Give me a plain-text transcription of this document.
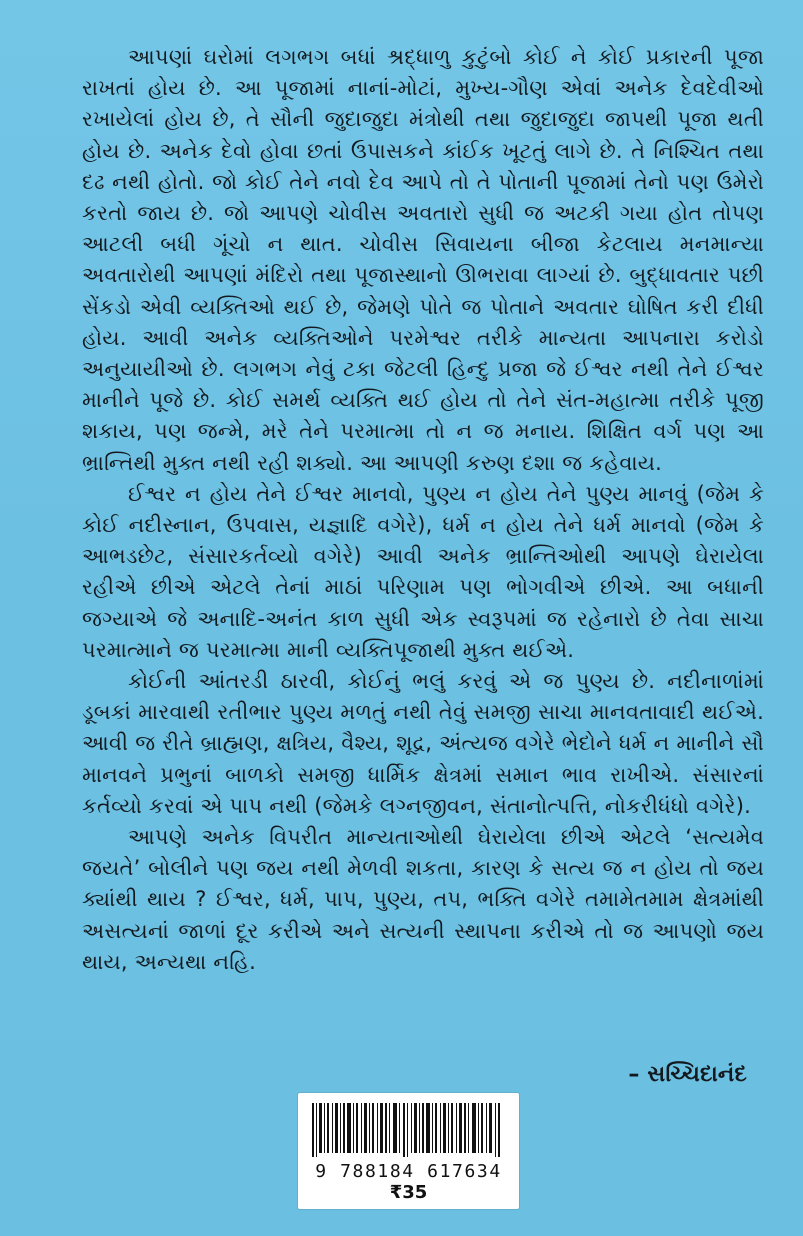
આપણાં ઘરોમાં લગભગ બધાં શ્રદ્ધાળુ કુટુંબો કોઈ ને કોઈ પ્રકારની પૂજા રાખતાં હોય છે. આ પૂજામાં નાનાં-મોટાં, મુખ્ય-ગૌણ એવાં અનેક દેવદેવીઓ રખાયેલાં હોય છે, તે સૌની જુદાજુદા મંત્રોથી તથા જુદાજુદા જાપથી પૂજા થતી હોય છે. અનેક દેવો હોવા છતાં ઉપાસકને કાંઈક ખૂટતું લાગે છે. તે નિશ્ચિત તથા દઢ નથી હોતો. જો કોઈ તેને નવો દેવ આપે તો તે પોતાની પૂજામાં તેનો પણ ઉમેરો કરતો જાય છે. જો આપણે ચોવીસ અવતારો સુધી જ અટકી ગયા હોત તોપણ આટલી બધી ગૂંચો ન થાત. ચોવીસ સિવાયના બીજા કેટલાય મનમાન્યા અવતારોથી આપણાં મંદિરો તથા પૂજાસ્થાનો ઊભરાવા લાગ્યાં છે. બુદ્ધાવતાર પછી સેંકડો એવી વ્યક્તિઓ થઈ છે, જેમણે પોતે જ પોતાને અવતાર ઘોષિત કરી દીધી હોય. આવી અનેક વ્યક્તિઓને પરમેશ્વર તરીકે માન્યતા આપનારા કરોડો અનુયાયીઓ છે. લગભગ નેવું ટકા જેટલી હિન્દુ પ્રજા જે ઈશ્વર નથી તેને ઈશ્વર માનીને પૂજે છે. કોઈ સમર્થ વ્યક્તિ થઈ હોય તો તેને સંત-મહાત્મા તરીકે પૂજી શકાય, પણ જન્મે, મરે તેને પરમાત્મા તો ન જ મનાય. શિક્ષિત વર્ગ પણ આ ભ્રાન્તિથી મુક્ત નથી રહી શક્યો. આ આપણી કરુણ દશા જ કહેવાય.

ઈશ્વર ન હોય તેને ઈશ્વર માનવો, પુણ્ય ન હોય તેને પુણ્ય માનવું (જેમ કે કોઈ નદીસ્નાન, ઉપવાસ, યજ્ઞાદિ વગેરે), ધર્મ ન હોય તેને ધર્મ માનવો (જેમ કે આભડછેટ, સંસારકર્તવ્યો વગેરે) આવી અનેક ભ્રાન્તિઓથી આપણે ઘેરાયેલા રહીએ છીએ એટલે તેનાં માઠાં પરિણામ પણ ભોગવીએ છીએ. આ બધાની જગ્યાએ જે અનાદિ-અનંત કાળ સુધી એક સ્વરૂપમાં જ રહેનારો છે તેવા સાચા પરમાત્માને જ પરમાત્મા માની વ્યક્તિપૂજાથી મુક્ત થઈએ.

કોઈની આંતરડી ઠારવી, કોઈનું ભલું કરવું એ જ પુણ્ય છે. નદીનાળાંમાં ડૂબકાં મારવાથી રતીભાર પુણ્ય મળતું નથી તેવું સમજી સાચા માનવતાવાદી થઈએ. આવી જ રીતે બ્રાહ્મણ, ક્ષત્રિય, વૈશ્ય, શૂદ્ર, અંત્યજ વગેરે ભેદોને ધર્મ ન માનીને સૌ માનવને પ્રભુનાં બાળકો સમજી ધાર્મિક ક્ષેત્રમાં સમાન ભાવ રાખીએ. સંસારનાં કર્તવ્યો કરવાં એ પાપ નથી (જેમકે લગ્નજીવન, સંતાનોત્પત્તિ, નોકરીધંધો વગેરે).

આપણે અનેક વિપરીત માન્યતાઓથી ઘેરાયેલા છીએ એટલે ‘સત્યમેવ જયતે’ બોલીને પણ જય નથી મેળવી શકતા, કારણ કે સત્ય જ ન હોય તો જય ક્યાંથી થાય ? ઈશ્વર, ધર્મ, પાપ, પુણ્ય, તપ, ભક્તિ વગેરે તમામેતમામ ક્ષેત્રમાંથી અસત્યનાં જાળાં દૂર કરીએ અને સત્યની સ્થાપના કરીએ તો જ આપણો જય થાય, અન્યથા નહિ.

– સચ્ચિદાનંદ
9 788184 617634
₹35
